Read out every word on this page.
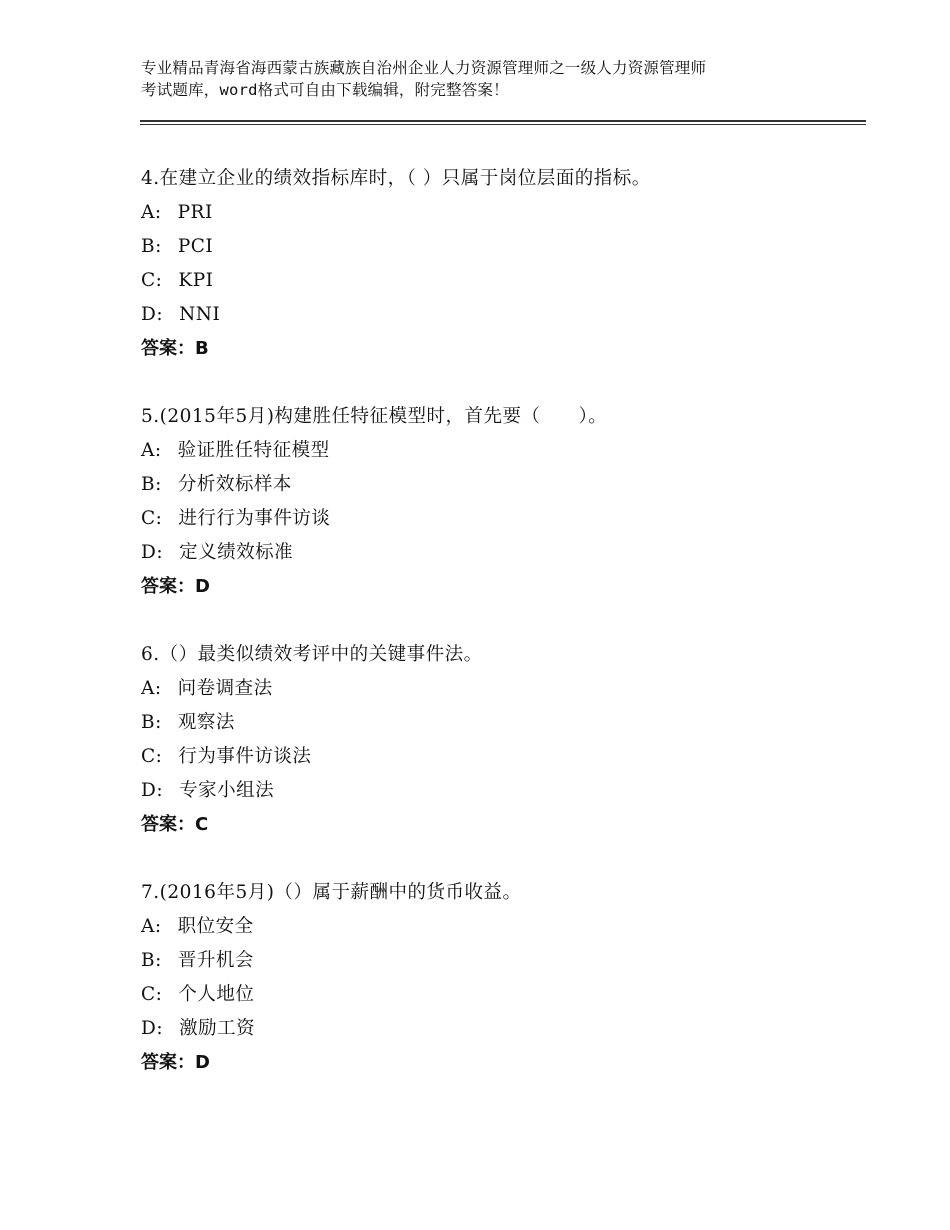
专业精品青海省海西蒙古族藏族自治州企业人力资源管理师之一级人力资源管理师
考试题库，word格式可自由下载编辑，附完整答案！
4.在建立企业的绩效指标库时，（ ）只属于岗位层面的指标。
A: PRI
B: PCI
C: KPI
D: NNI
答案：B
5.(2015年5月)构建胜任特征模型时，首先要（　　）。
A: 验证胜任特征模型
B: 分析效标样本
C: 进行行为事件访谈
D: 定义绩效标准
答案：D
6.（）最类似绩效考评中的关键事件法。
A: 问卷调查法
B: 观察法
C: 行为事件访谈法
D: 专家小组法
答案：C
7.(2016年5月)（）属于薪酬中的货币收益。
A: 职位安全
B: 晋升机会
C: 个人地位
D: 激励工资
答案：D
